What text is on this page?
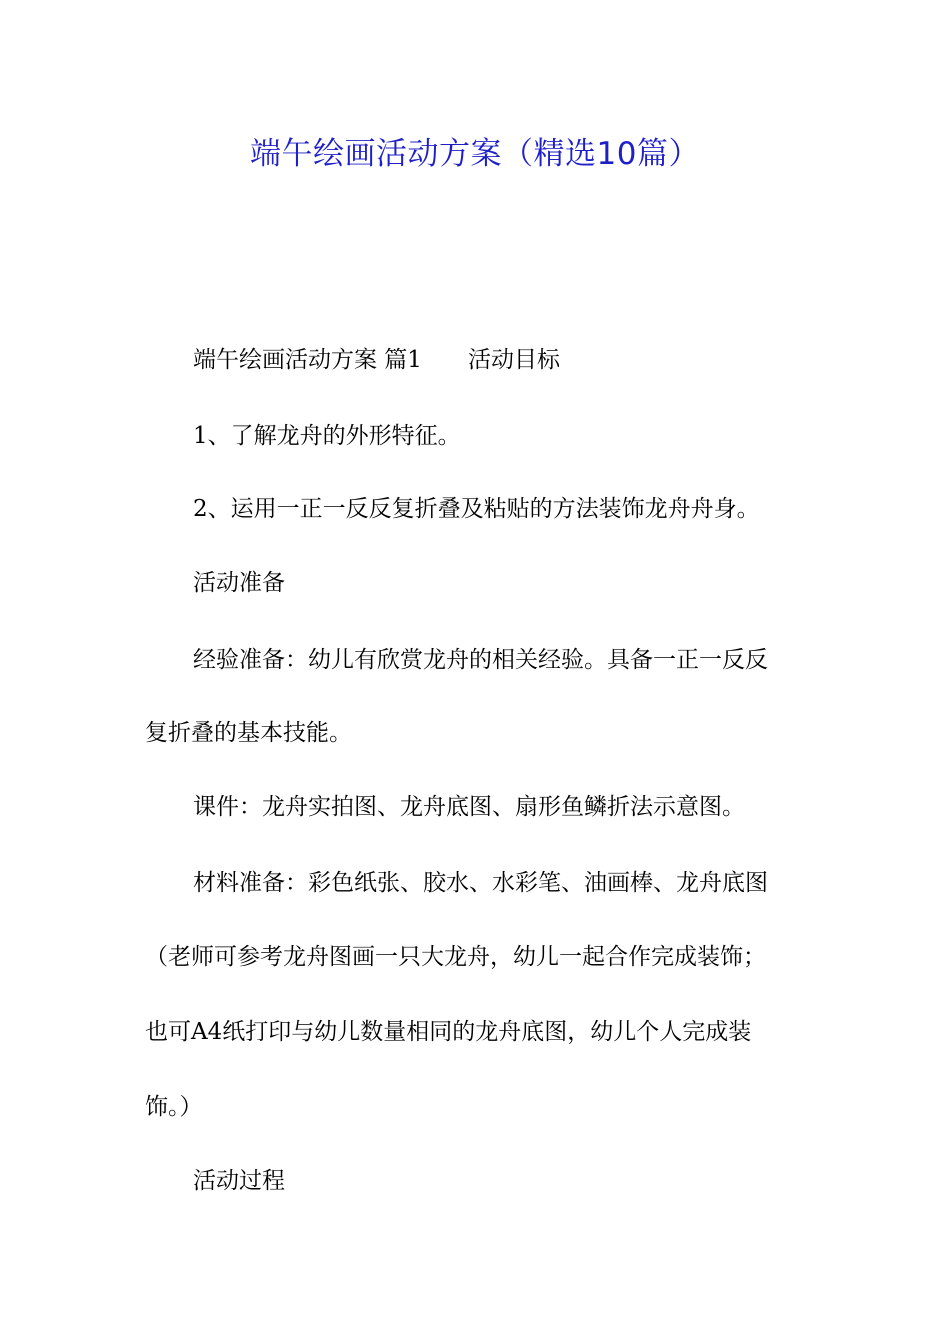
端午绘画活动方案（精选10篇）

端午绘画活动方案 篇1 活动目标

1、了解龙舟的外形特征。

2、运用一正一反反复折叠及粘贴的方法装饰龙舟舟身。

活动准备

经验准备：幼儿有欣赏龙舟的相关经验。具备一正一反反

复折叠的基本技能。

课件：龙舟实拍图、龙舟底图、扇形鱼鳞折法示意图。

材料准备：彩色纸张、胶水、水彩笔、油画棒、龙舟底图

（老师可参考龙舟图画一只大龙舟，幼儿一起合作完成装饰；

也可A4纸打印与幼儿数量相同的龙舟底图，幼儿个人完成装

饰。）

活动过程
